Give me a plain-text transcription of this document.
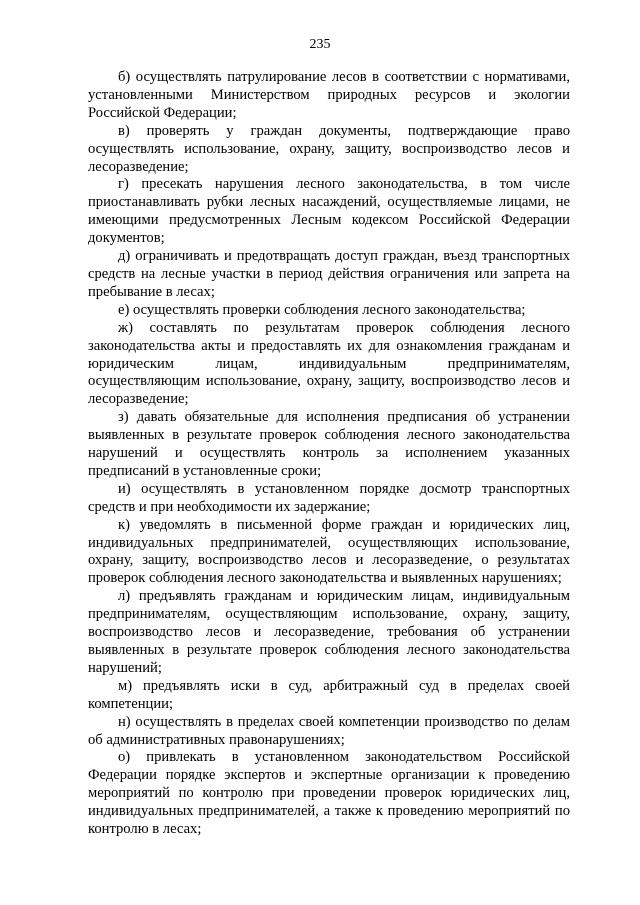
235

б) осуществлять патрулирование лесов в соответствии с нормативами, установленными Министерством природных ресурсов и экологии Российской Федерации;

в) проверять у граждан документы, подтверждающие право осуществлять использование, охрану, защиту, воспроизводство лесов и лесоразведение;

г) пресекать нарушения лесного законодательства, в том числе приостанавливать рубки лесных насаждений, осуществляемые лицами, не имеющими предусмотренных Лесным кодексом Российской Федерации документов;

д) ограничивать и предотвращать доступ граждан, въезд транспортных средств на лесные участки в период действия ограничения или запрета на пребывание в лесах;

е) осуществлять проверки соблюдения лесного законодательства;

ж) составлять по результатам проверок соблюдения лесного законодательства акты и предоставлять их для ознакомления гражданам и юридическим лицам, индивидуальным предпринимателям, осуществляющим использование, охрану, защиту, воспроизводство лесов и лесоразведение;

з) давать обязательные для исполнения предписания об устранении выявленных в результате проверок соблюдения лесного законодательства нарушений и осуществлять контроль за исполнением указанных предписаний в установленные сроки;

и) осуществлять в установленном порядке досмотр транспортных средств и при необходимости их задержание;

к) уведомлять в письменной форме граждан и юридических лиц, индивидуальных предпринимателей, осуществляющих использование, охрану, защиту, воспроизводство лесов и лесоразведение, о результатах проверок соблюдения лесного законодательства и выявленных нарушениях;

л) предъявлять гражданам и юридическим лицам, индивидуальным предпринимателям, осуществляющим использование, охрану, защиту, воспроизводство лесов и лесоразведение, требования об устранении выявленных в результате проверок соблюдения лесного законодательства нарушений;

м) предъявлять иски в суд, арбитражный суд в пределах своей компетенции;

н) осуществлять в пределах своей компетенции производство по делам об административных правонарушениях;

о) привлекать в установленном законодательством Российской Федерации порядке экспертов и экспертные организации к проведению мероприятий по контролю при проведении проверок юридических лиц, индивидуальных предпринимателей, а также к проведению мероприятий по контролю в лесах;
